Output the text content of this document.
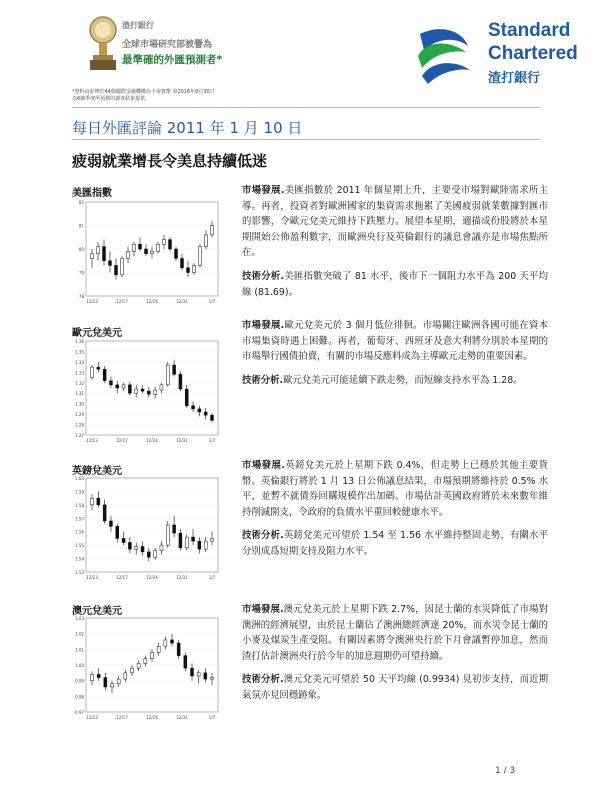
渣打銀行
全球市場研究部被譽為
最準確的外匯預測者*
*資料由彭博於44個國際金融機構為卡零資擊 第2016年8月30日
為6個季度所預測的調查結果提供。
Standard
Chartered
渣打銀行
每日外匯評論 2011 年 1 月 10 日
疲弱就業增長令美息持續低迷
美匯指數
82
81
80
79
78
12/13	12/17	12/24	12/31	1/7
市場發展.美匯指數於 2011 年個星期上升，主要受市場對歐陸需求所主導。再者，投資者對歐洲國家的集資需求拖累了美國疲弱就業數據對匯市的影響，令歐元兌美元維持下跌壓力。展望本星期，適描成份股將於本星期開始公佈盈利數字，而歐洲央行及英倫銀行的議息會議亦是市場焦點所在。
技術分析.美匯指數突破了 81 水平，後市下一個阻力水平為 200 天平均線 (81.69)。
歐元兌美元
1.36
1.35
1.34
1.33
1.32
1.31
1.30
1.29
1.28
1.27
12/13	12/17	12/24	12/31	1/7
市場發展.歐元兌美元於 3 個月低位徘徊。市場關注歐洲各國可能在資本市場集資時遇上困難。再者，葡萄牙、西班牙及意大利將分別於本星期的市場舉行國債拍賣，有關的市場反應料成為主導歐元走勢的重要因素。
技術分析.歐元兌美元可能延續下跌走勢，而短線支持水平為 1.28。
英鎊兌美元
1.60
1.59
1.58
1.57
1.56
1.55
1.54
1.53
12/13	12/17	12/24	12/31	1/7
市場發展.英鎊兌美元於上星期下跌 0.4%，但走勢上已穩於其他主要貨幣。英倫銀行將於 1 月 13 日公佈議息結果，市場預期將維持於 0.5% 水平，並暫不就債券回購規模作出加碼。市場估計英國政府將於未來數年維持削減開支，令政府的負債水平重回較健康水平。
技術分析.英鎊兌美元可望於 1.54 至 1.56 水平維持整固走勢，有關水平分別成爲短期支持及阻力水平。
澳元兌美元
1.03
1.02
1.01
1.00
0.99
0.98
0.97
12/13	12/17	12/24	12/31	1/7
市場發展.澳元兌美元於上星期下跌 2.7%，因昆士蘭的水災降低了市場對澳洲的經濟展望，由於昆士蘭佔了澳洲總經濟達 20%，而水災令昆士蘭的小麥及煤炭生產受阻。有關因素將令澳洲央行於下月會議暫停加息，然而渣打估計澳洲央行於今年的加息週期仍可望持續。
技術分析.澳元兌美元可望於 50 天平均線 (0.9934) 見初步支持，而近期氣氛亦見回穩跡象。
1 / 3
